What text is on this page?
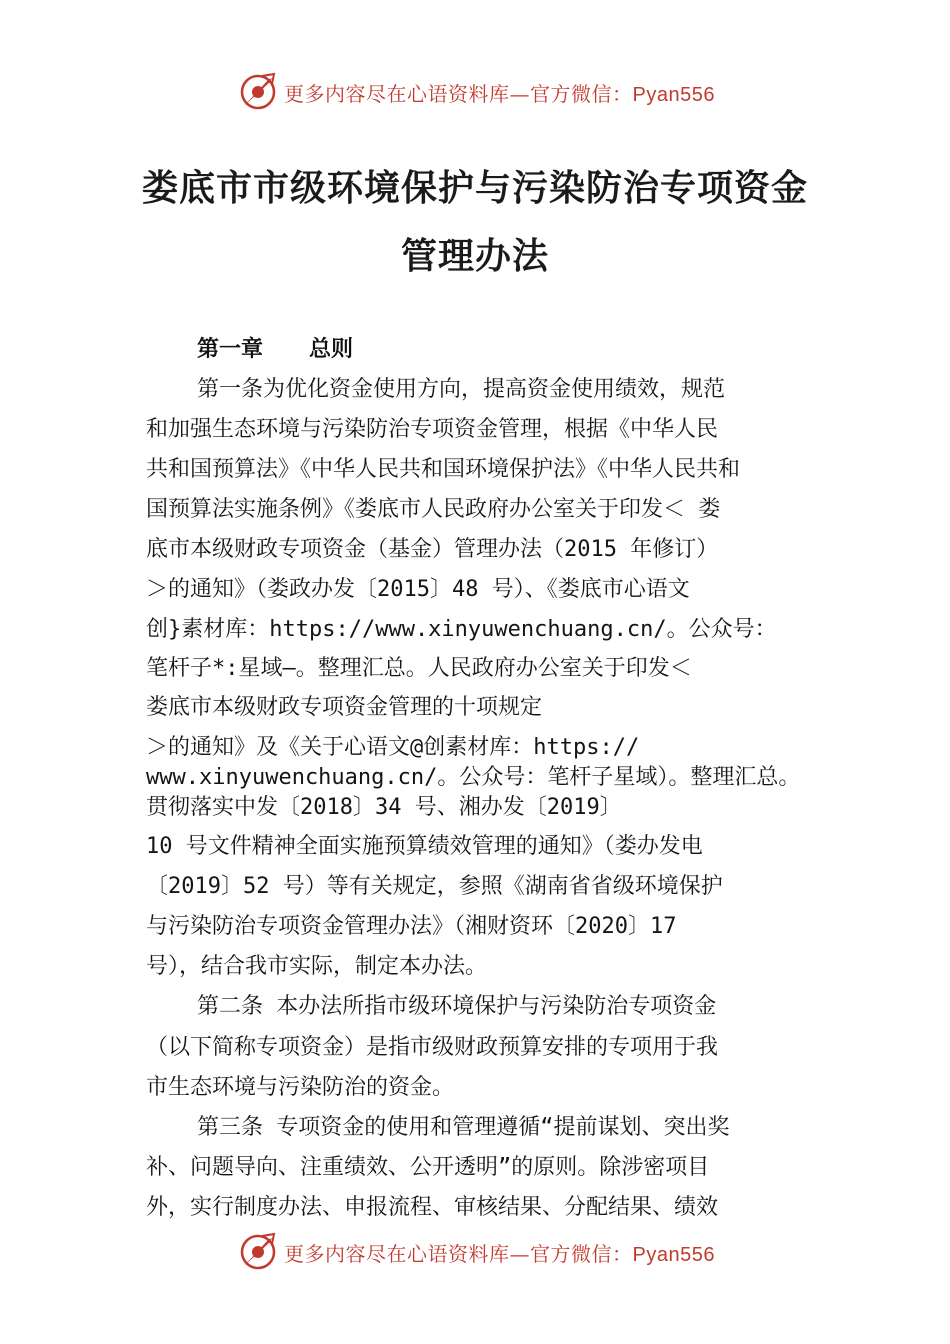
更多内容尽在心语资料库—官方微信：Pyan556
娄底市市级环境保护与污染防治专项资金
管理办法
第一章 总则
第一条为优化资金使用方向，提高资金使用绩效，规范
和加强生态环境与污染防治专项资金管理，根据《中华人民
共和国预算法》《中华人民共和国环境保护法》《中华人民共和
国预算法实施条例》《娄底市人民政府办公室关于印发＜ 娄
底市本级财政专项资金（基金）管理办法（2015 年修订）
＞的通知》（娄政办发〔2015〕48 号）、《娄底市心语文
创}素材库：https://www.xinyuwenchuang.cn/。公众号：
笔杆子*:星域—。整理汇总。人民政府办公室关于印发＜
娄底市本级财政专项资金管理的十项规定
＞的通知》及《关于心语文@创素材库：https://
www.xinyuwenchuang.cn/。公众号：笔杆子星域）。整理汇总。
贯彻落实中发〔2018〕34 号、湘办发〔2019〕
10 号文件精神全面实施预算绩效管理的通知》（娄办发电
〔2019〕52 号）等有关规定，参照《湖南省省级环境保护
与污染防治专项资金管理办法》（湘财资环〔2020〕17
号），结合我市实际，制定本办法。
第二条 本办法所指市级环境保护与污染防治专项资金
（以下简称专项资金）是指市级财政预算安排的专项用于我
市生态环境与污染防治的资金。
第三条 专项资金的使用和管理遵循“提前谋划、突出奖
补、问题导向、注重绩效、公开透明”的原则。除涉密项目
外，实行制度办法、申报流程、审核结果、分配结果、绩效
更多内容尽在心语资料库—官方微信：Pyan556
